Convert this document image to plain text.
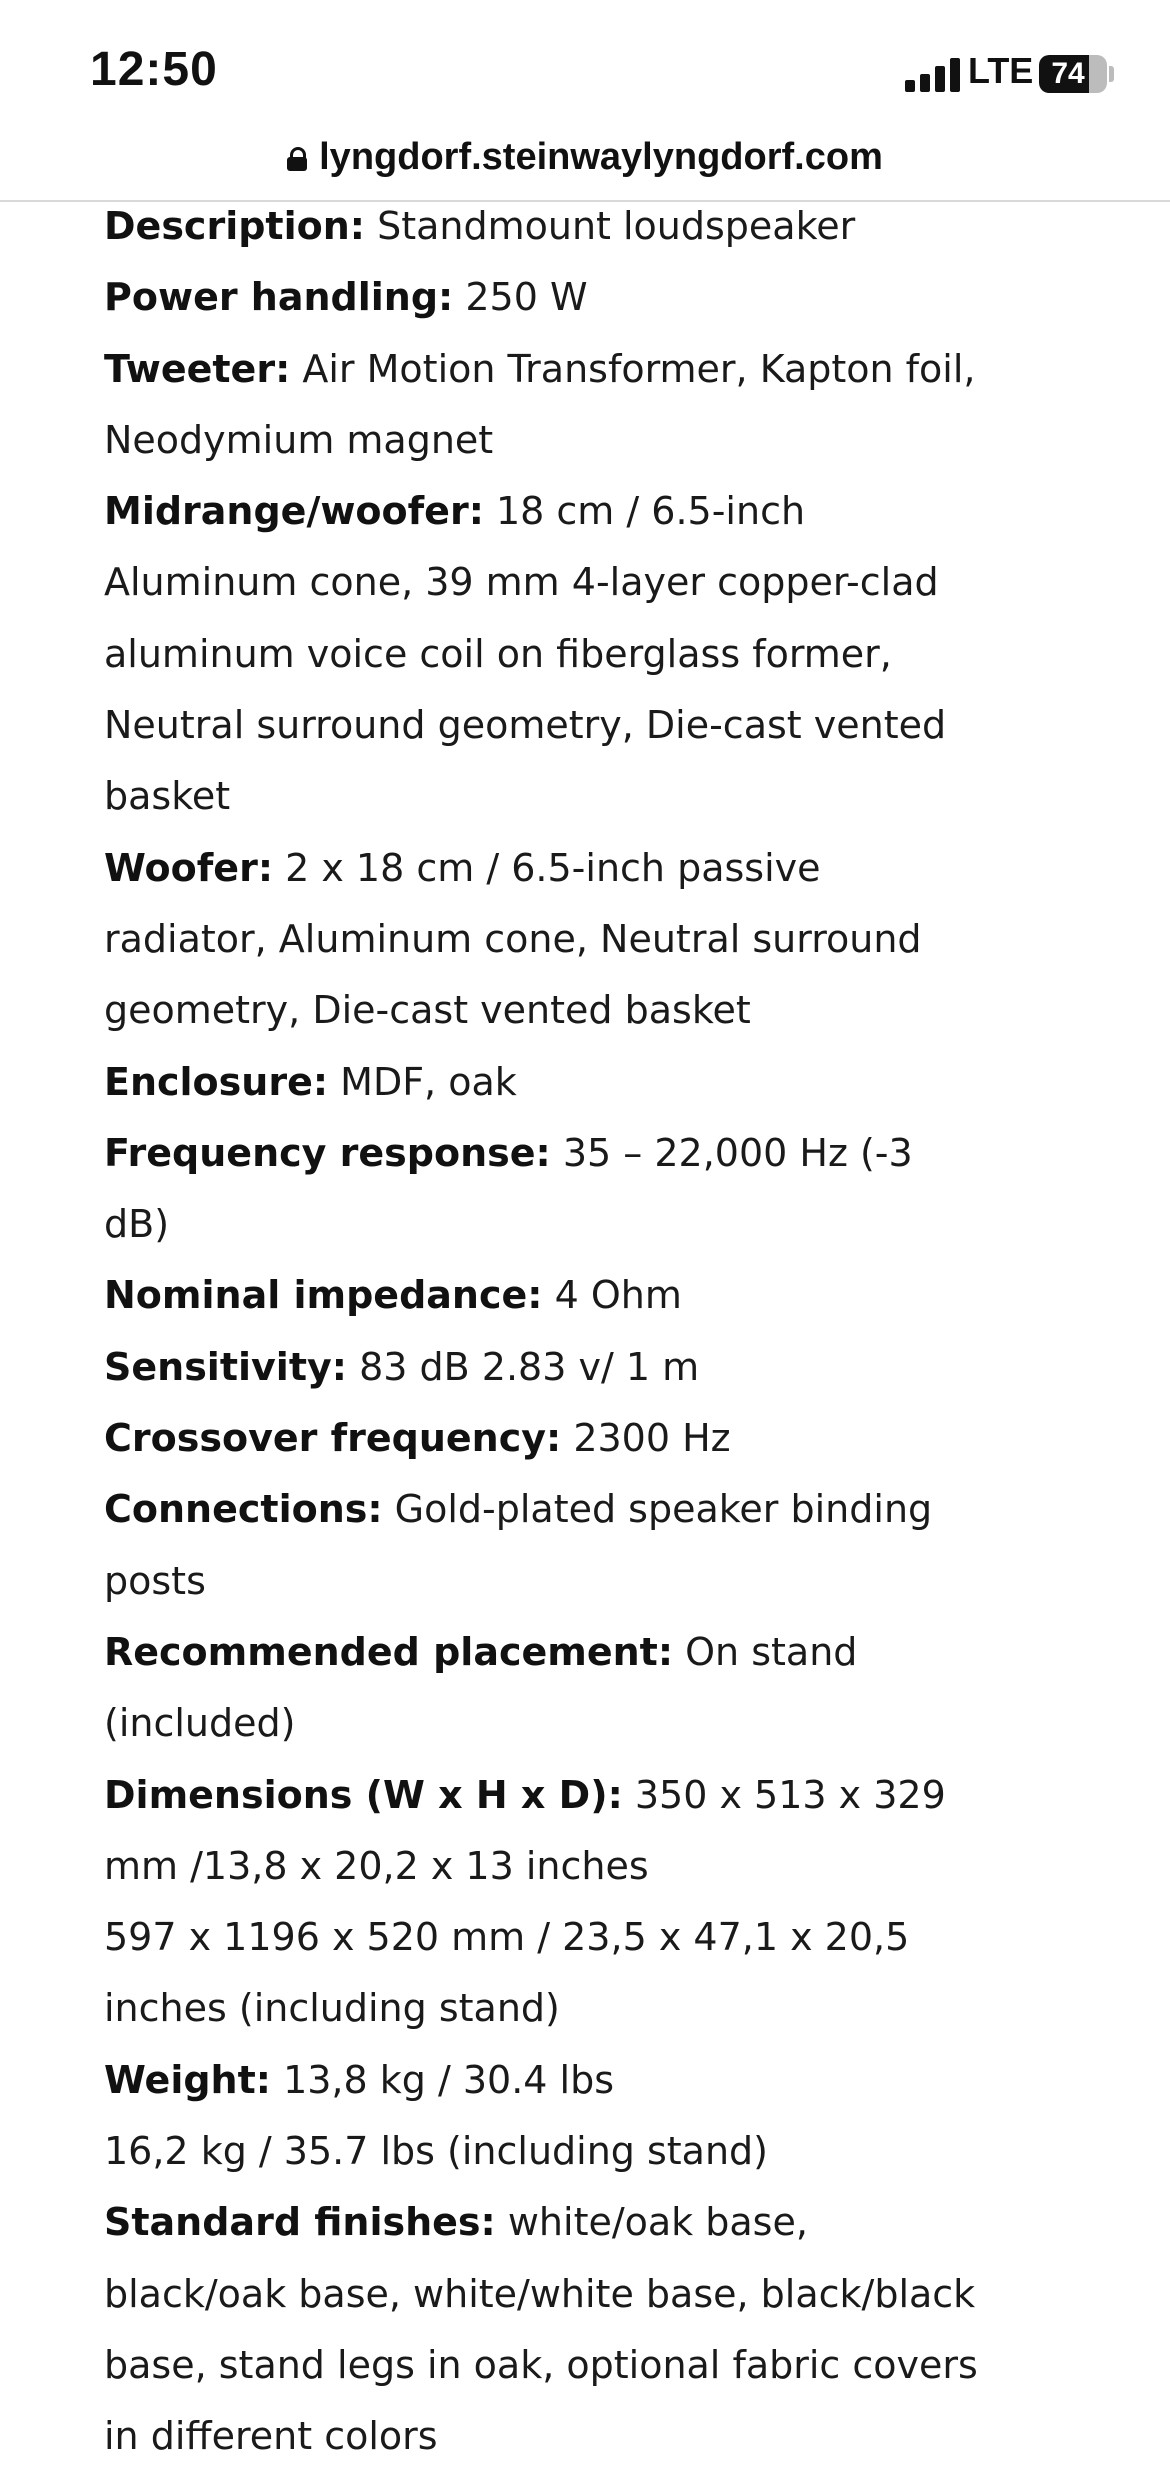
12:50	LTE 74
lyngdorf.steinwaylyngdorf.com
Description: Standmount loudspeaker
Power handling: 250 W
Tweeter: Air Motion Transformer, Kapton foil, Neodymium magnet
Midrange/woofer: 18 cm / 6.5-inch Aluminum cone, 39 mm 4-layer copper-clad aluminum voice coil on fiberglass former, Neutral surround geometry, Die-cast vented basket
Woofer: 2 x 18 cm / 6.5-inch passive radiator, Aluminum cone, Neutral surround geometry, Die-cast vented basket
Enclosure: MDF, oak
Frequency response: 35 – 22,000 Hz (-3 dB)
Nominal impedance: 4 Ohm
Sensitivity: 83 dB 2.83 v/ 1 m
Crossover frequency: 2300 Hz
Connections: Gold-plated speaker binding posts
Recommended placement: On stand (included)
Dimensions (W x H x D): 350 x 513 x 329 mm /13,8 x 20,2 x 13 inches
597 x 1196 x 520 mm / 23,5 x 47,1 x 20,5 inches (including stand)
Weight: 13,8 kg / 30.4 lbs
16,2 kg / 35.7 lbs (including stand)
Standard finishes: white/oak base, black/oak base, white/white base, black/black base, stand legs in oak, optional fabric covers in different colors
